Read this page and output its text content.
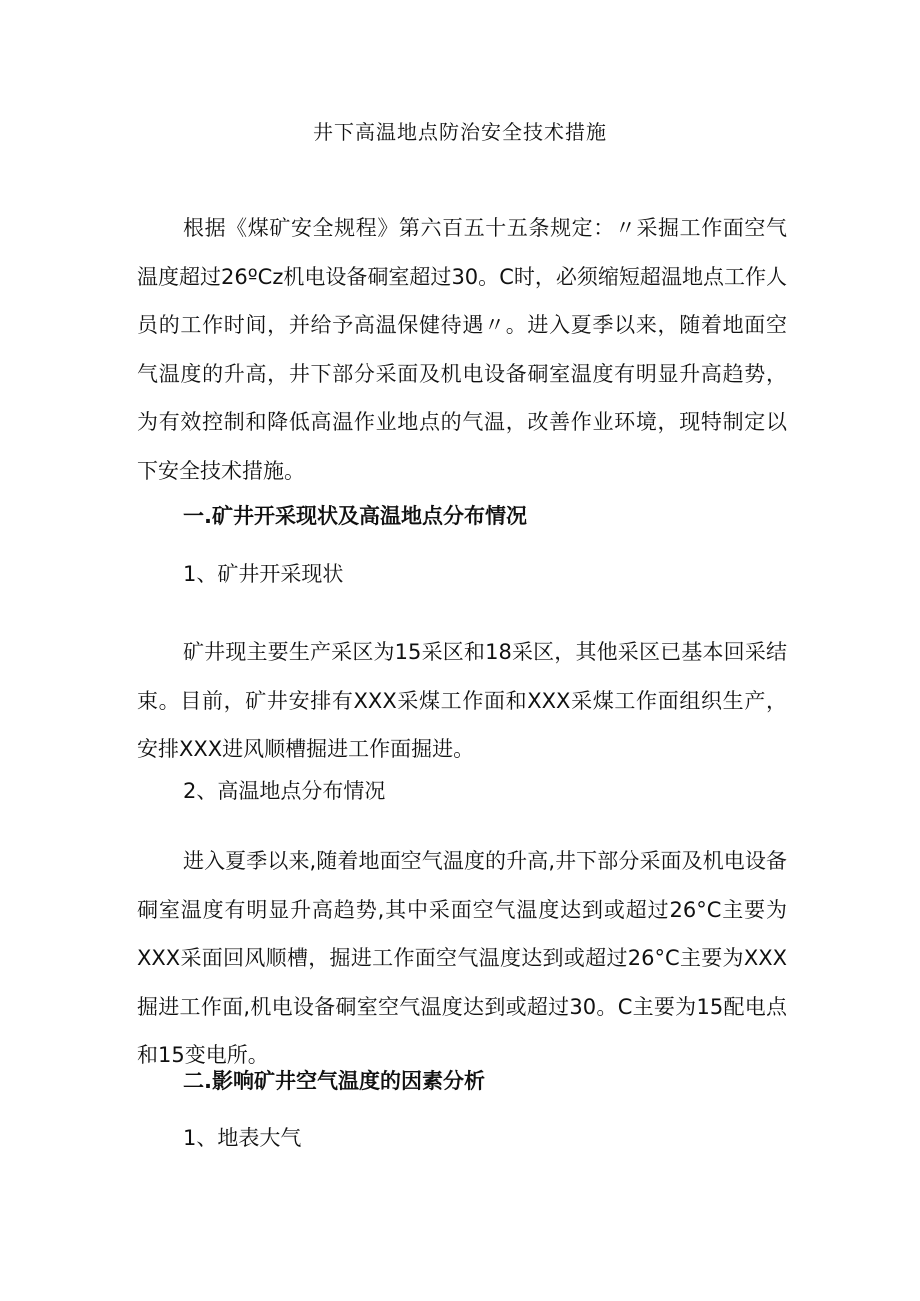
井下高温地点防治安全技术措施

根据《煤矿安全规程》第六百五十五条规定：〃采掘工作面空气温度超过26ºCz机电设备硐室超过30。C时，必须缩短超温地点工作人员的工作时间，并给予高温保健待遇〃。进入夏季以来，随着地面空气温度的升高，井下部分采面及机电设备硐室温度有明显升高趋势，为有效控制和降低高温作业地点的气温，改善作业环境，现特制定以下安全技术措施。

一.矿井开采现状及高温地点分布情况

1、矿井开采现状

矿井现主要生产采区为15采区和18采区，其他采区已基本回采结束。目前，矿井安排有XXX采煤工作面和XXX采煤工作面组织生产，安排XXX进风顺槽掘进工作面掘进。

2、高温地点分布情况

进入夏季以来,随着地面空气温度的升高,井下部分采面及机电设备硐室温度有明显升高趋势,其中采面空气温度达到或超过26°C主要为XXX采面回风顺槽，掘进工作面空气温度达到或超过26°C主要为XXX掘进工作面,机电设备硐室空气温度达到或超过30。C主要为15配电点和15变电所。

二.影响矿井空气温度的因素分析

1、地表大气
